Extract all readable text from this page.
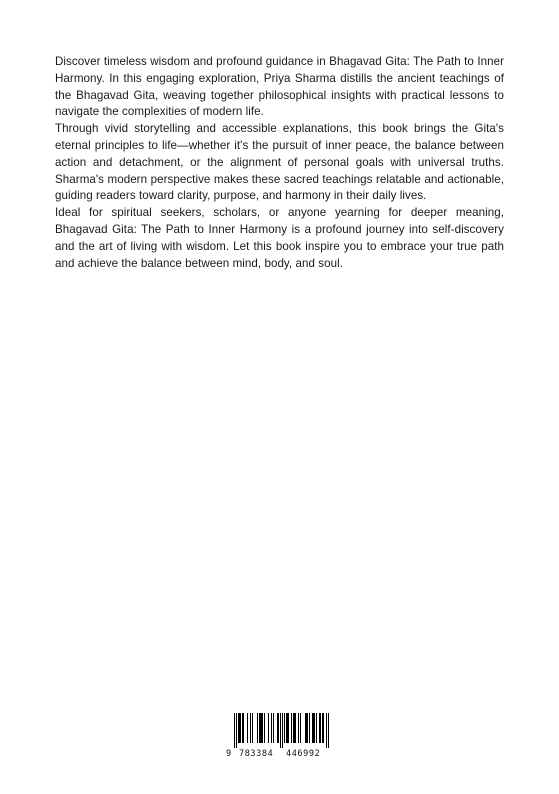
Discover timeless wisdom and profound guidance in Bhagavad Gita: The Path to Inner Harmony. In this engaging exploration, Priya Sharma distills the ancient teachings of the Bhagavad Gita, weaving together philosophical insights with practical lessons to navigate the complexities of modern life.

Through vivid storytelling and accessible explanations, this book brings the Gita's eternal principles to life—whether it's the pursuit of inner peace, the balance between action and detachment, or the alignment of personal goals with universal truths. Sharma's modern perspective makes these sacred teachings relatable and actionable, guiding readers toward clarity, purpose, and harmony in their daily lives.

Ideal for spiritual seekers, scholars, or anyone yearning for deeper meaning, Bhagavad Gita: The Path to Inner Harmony is a profound journey into self-discovery and the art of living with wisdom. Let this book inspire you to embrace your true path and achieve the balance between mind, body, and soul.

9 783384 446992
